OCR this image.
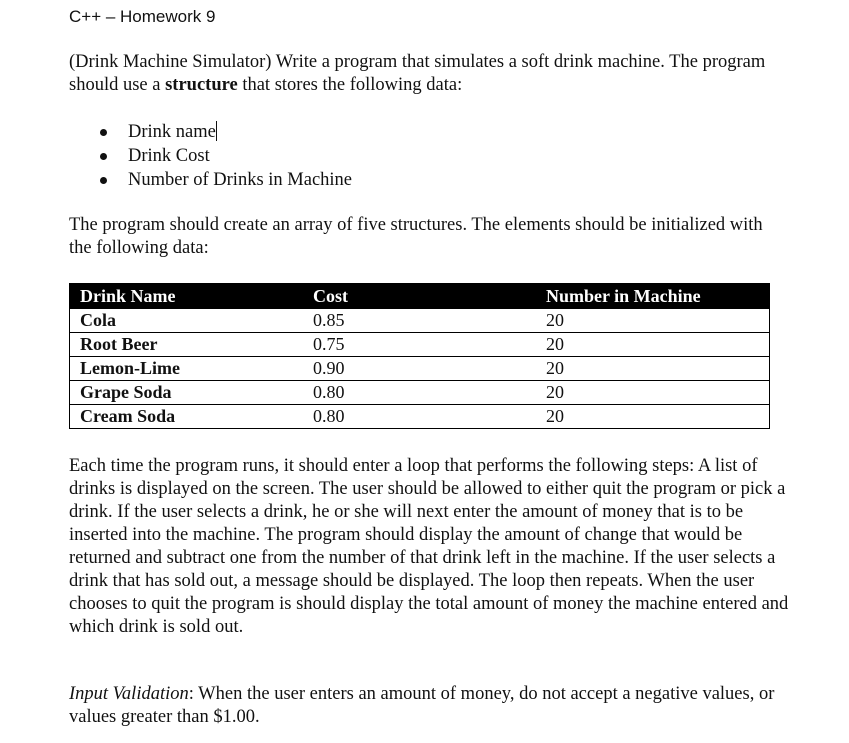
C++ – Homework 9

(Drink Machine Simulator) Write a program that simulates a soft drink machine. The program should use a structure that stores the following data:

Drink name
Drink Cost
Number of Drinks in Machine

The program should create an array of five structures. The elements should be initialized with the following data:

Drink Name	Cost	Number in Machine
Cola	0.85	20
Root Beer	0.75	20
Lemon-Lime	0.90	20
Grape Soda	0.80	20
Cream Soda	0.80	20

Each time the program runs, it should enter a loop that performs the following steps: A list of drinks is displayed on the screen. The user should be allowed to either quit the program or pick a drink. If the user selects a drink, he or she will next enter the amount of money that is to be inserted into the machine. The program should display the amount of change that would be returned and subtract one from the number of that drink left in the machine. If the user selects a drink that has sold out, a message should be displayed. The loop then repeats. When the user chooses to quit the program is should display the total amount of money the machine entered and which drink is sold out.

Input Validation: When the user enters an amount of money, do not accept a negative values, or values greater than $1.00.
